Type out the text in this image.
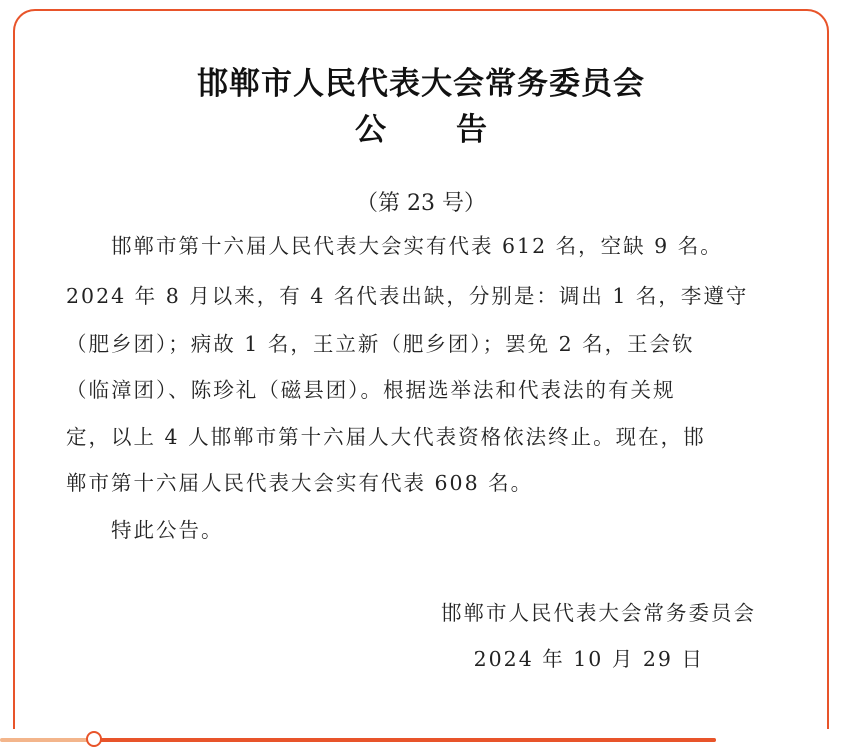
邯郸市人民代表大会常务委员会
公告
（第 23 号）
邯郸市第十六届人民代表大会实有代表 612 名，空缺 9 名。
2024 年 8 月以来，有 4 名代表出缺，分别是：调出 1 名，李遵守
（肥乡团）；病故 1 名，王立新（肥乡团）；罢免 2 名，王会钦
（临漳团）、陈珍礼（磁县团）。根据选举法和代表法的有关规
定，以上 4 人邯郸市第十六届人大代表资格依法终止。现在，邯
郸市第十六届人民代表大会实有代表 608 名。
特此公告。
邯郸市人民代表大会常务委员会
2024 年 10 月 29 日
